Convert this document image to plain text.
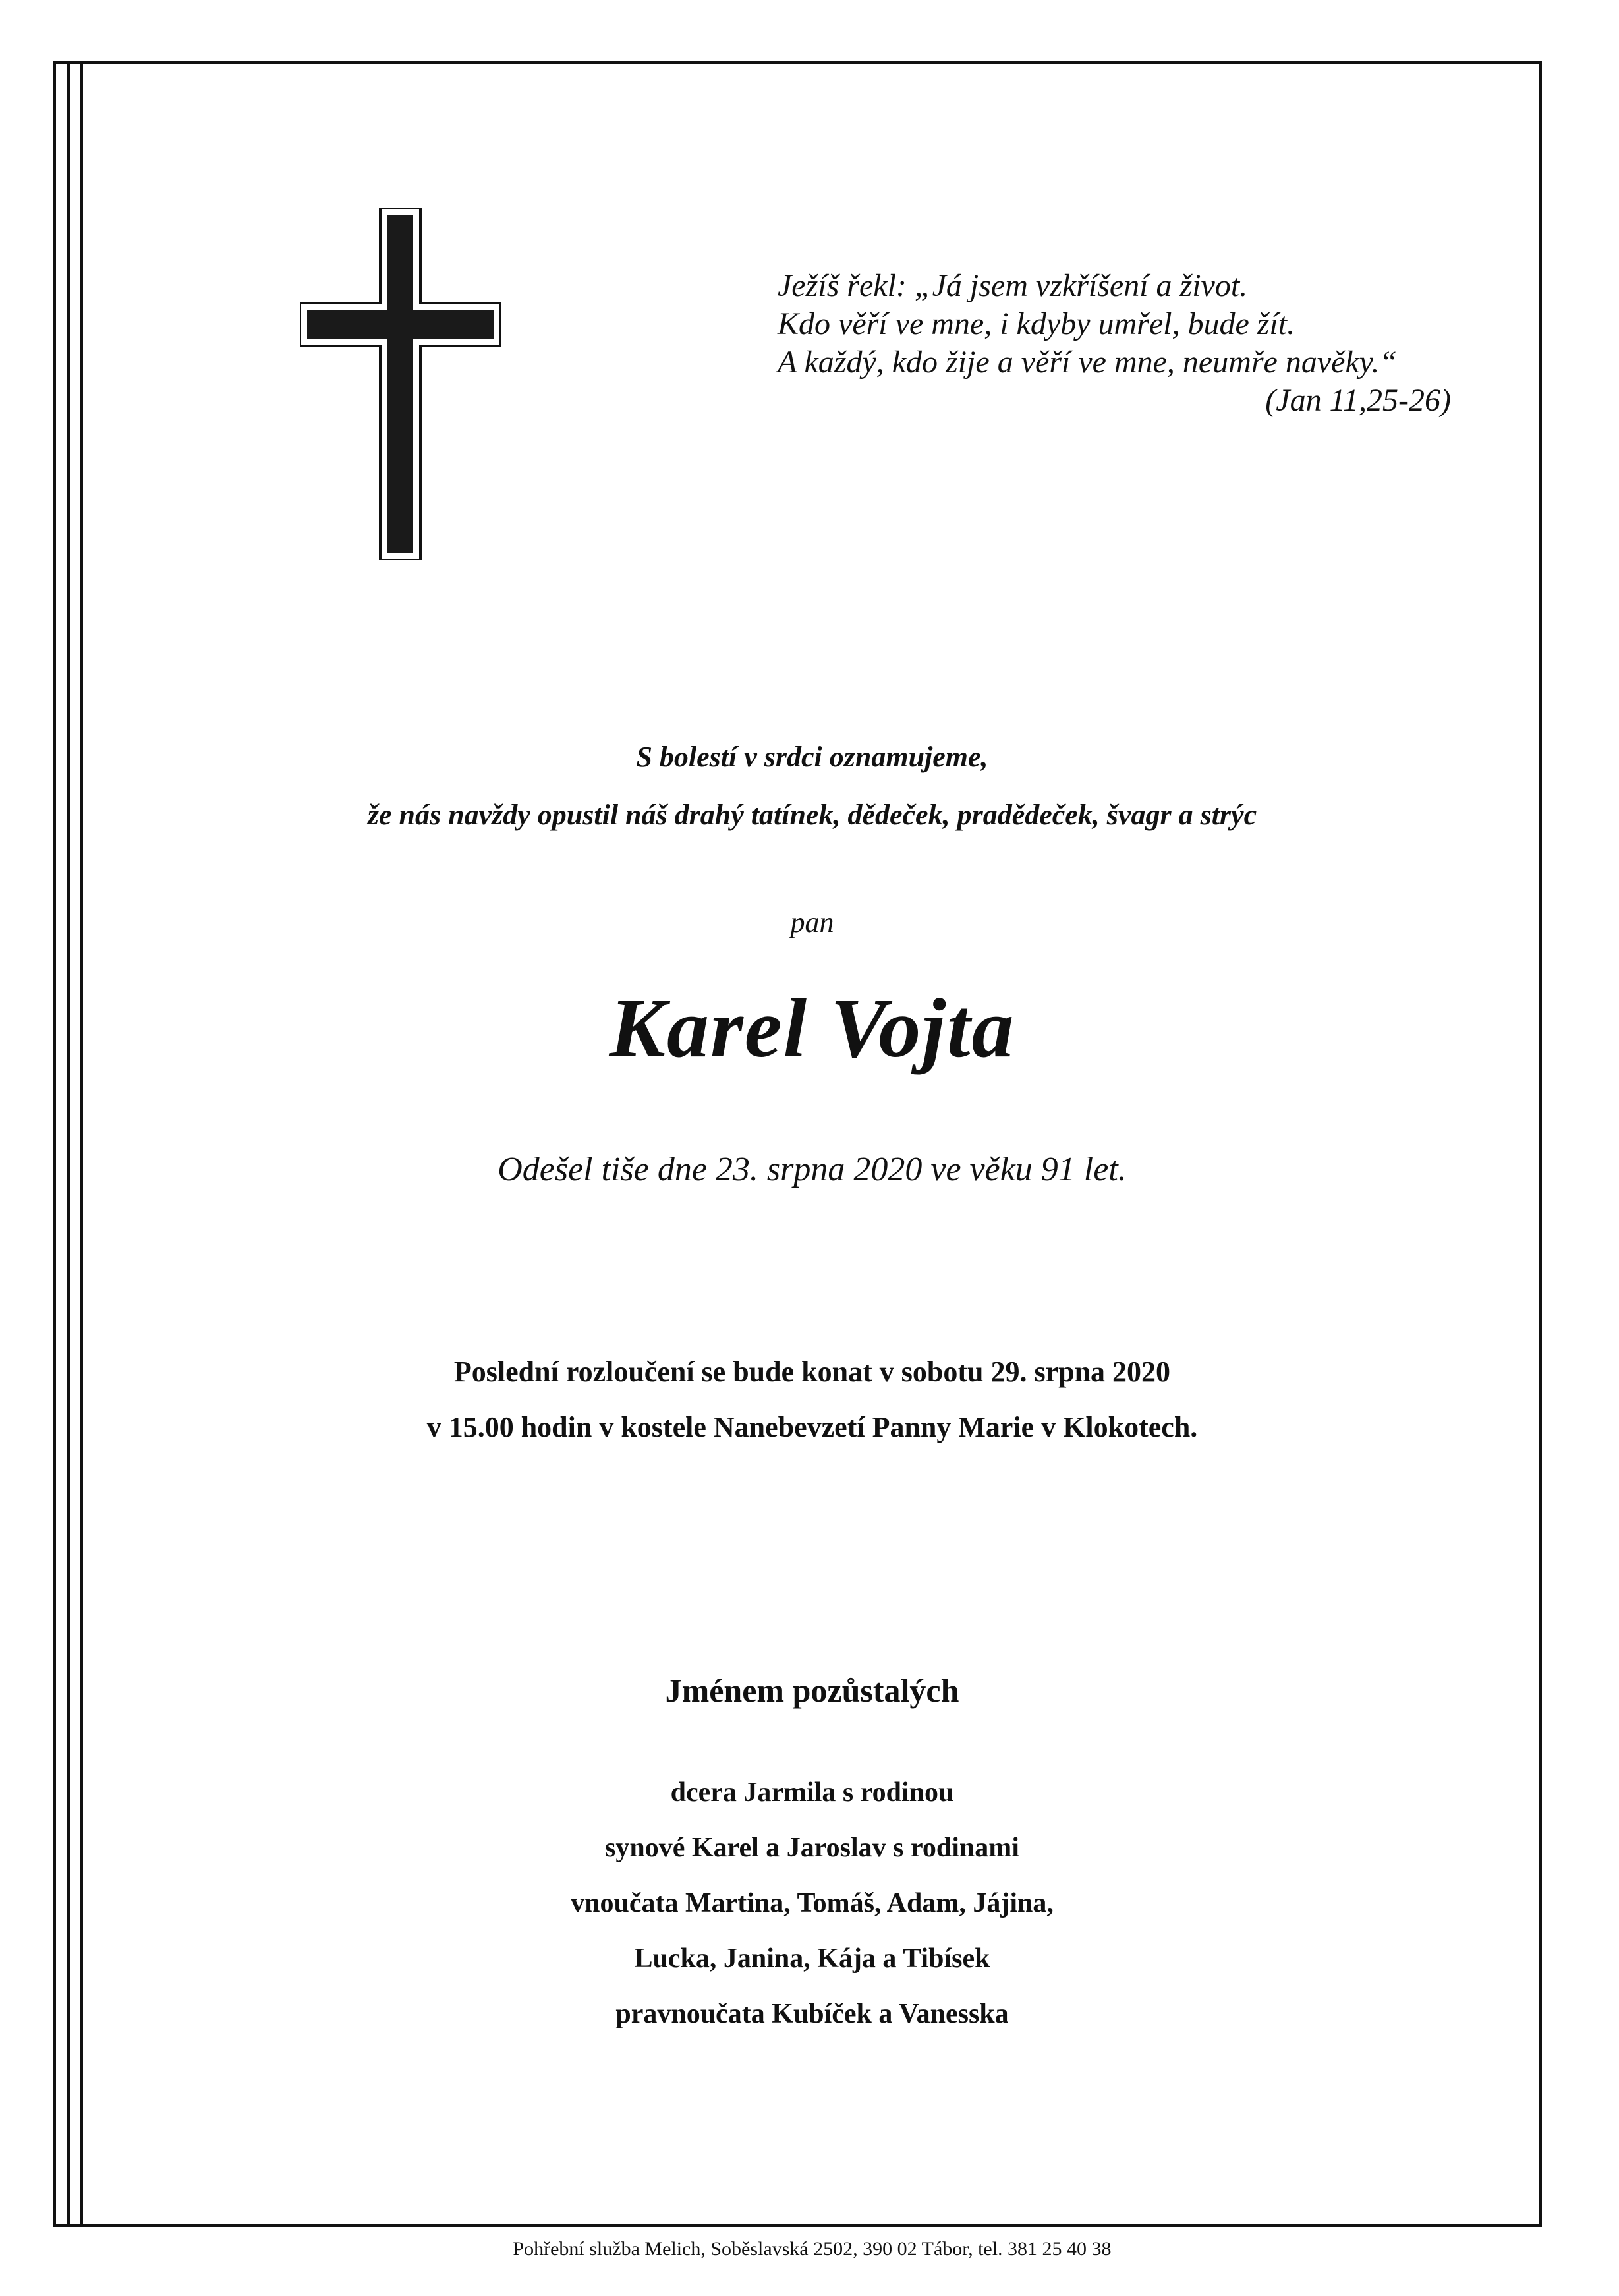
Ježíš řekl: „Já jsem vzkříšení a život.
Kdo věří ve mne, i kdyby umřel, bude žít.
A každý, kdo žije a věří ve mne, neumře navěky.“
(Jan 11,25-26)
S bolestí v srdci oznamujeme,
že nás navždy opustil náš drahý tatínek, dědeček, pradědeček, švagr a strýc
pan
Karel Vojta
Odešel tiše dne 23. srpna 2020 ve věku 91 let.
Poslední rozloučení se bude konat v sobotu 29. srpna 2020
v 15.00 hodin v kostele Nanebevzetí Panny Marie v Klokotech.
Jménem pozůstalých
dcera Jarmila s rodinou
synové Karel a Jaroslav s rodinami
vnoučata Martina, Tomáš, Adam, Jájina,
Lucka, Janina, Kája a Tibísek
pravnoučata Kubíček a Vanesska
Pohřební služba Melich, Soběslavská 2502, 390 02 Tábor, tel. 381 25 40 38
